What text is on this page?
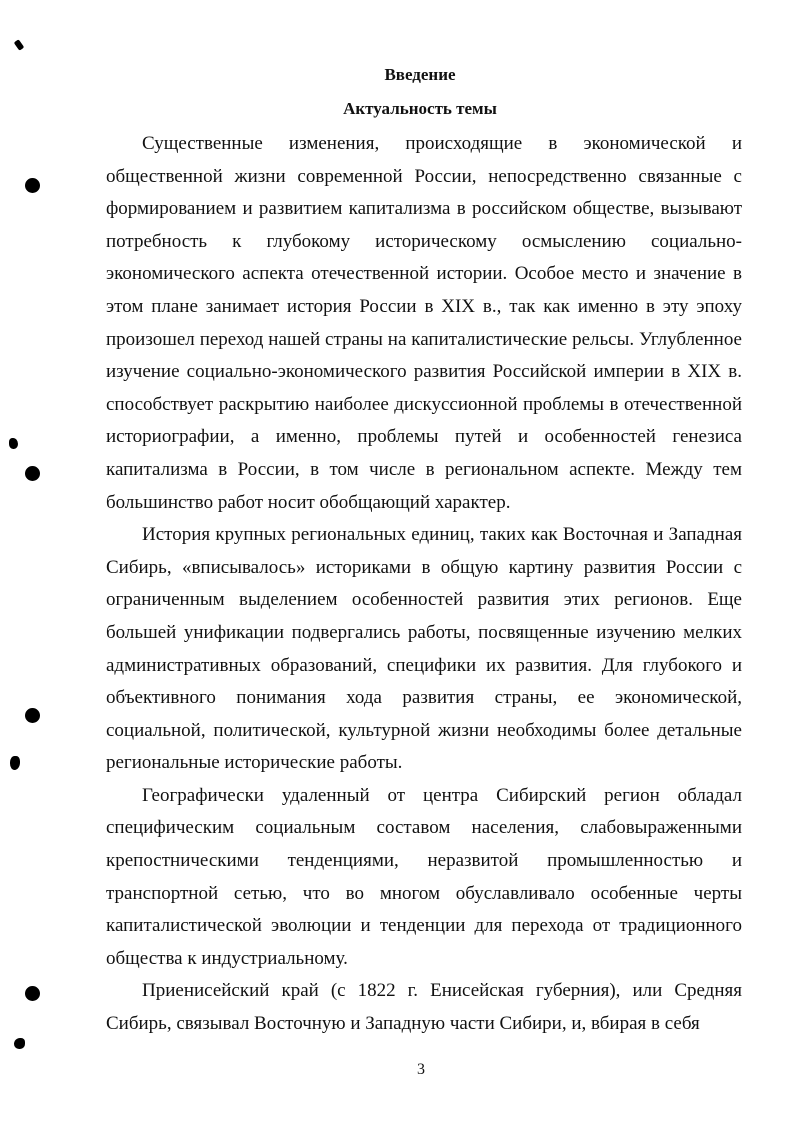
Введение
Актуальность темы

Существенные изменения, происходящие в экономической и общественной жизни современной России, непосредственно связанные с формированием и развитием капитализма в российском обществе, вызывают потребность к глубокому историческому осмыслению социально-экономического аспекта отечественной истории. Особое место и значение в этом плане занимает история России в XIX в., так как именно в эту эпоху произошел переход нашей страны на капиталистические рельсы. Углубленное изучение социально-экономического развития Российской империи в XIX в. способствует раскрытию наиболее дискуссионной проблемы в отечественной историографии, а именно, проблемы путей и особенностей генезиса капитализма в России, в том числе в региональном аспекте. Между тем большинство работ носит обобщающий характер.

История крупных региональных единиц, таких как Восточная и Западная Сибирь, «вписывалось» историками в общую картину развития России с ограниченным выделением особенностей развития этих регионов. Еще большей унификации подвергались работы, посвященные изучению мелких административных образований, специфики их развития. Для глубокого и объективного понимания хода развития страны, ее экономической, социальной, политической, культурной жизни необходимы более детальные региональные исторические работы.

Географически удаленный от центра Сибирский регион обладал специфическим социальным составом населения, слабовыраженными крепостническими тенденциями, неразвитой промышленностью и транспортной сетью, что во многом обуславливало особенные черты капиталистической эволюции и тенденции для перехода от традиционного общества к индустриальному.

Приенисейский край (с 1822 г. Енисейская губерния), или Средняя Сибирь, связывал Восточную и Западную части Сибири, и, вбирая в себя

3
